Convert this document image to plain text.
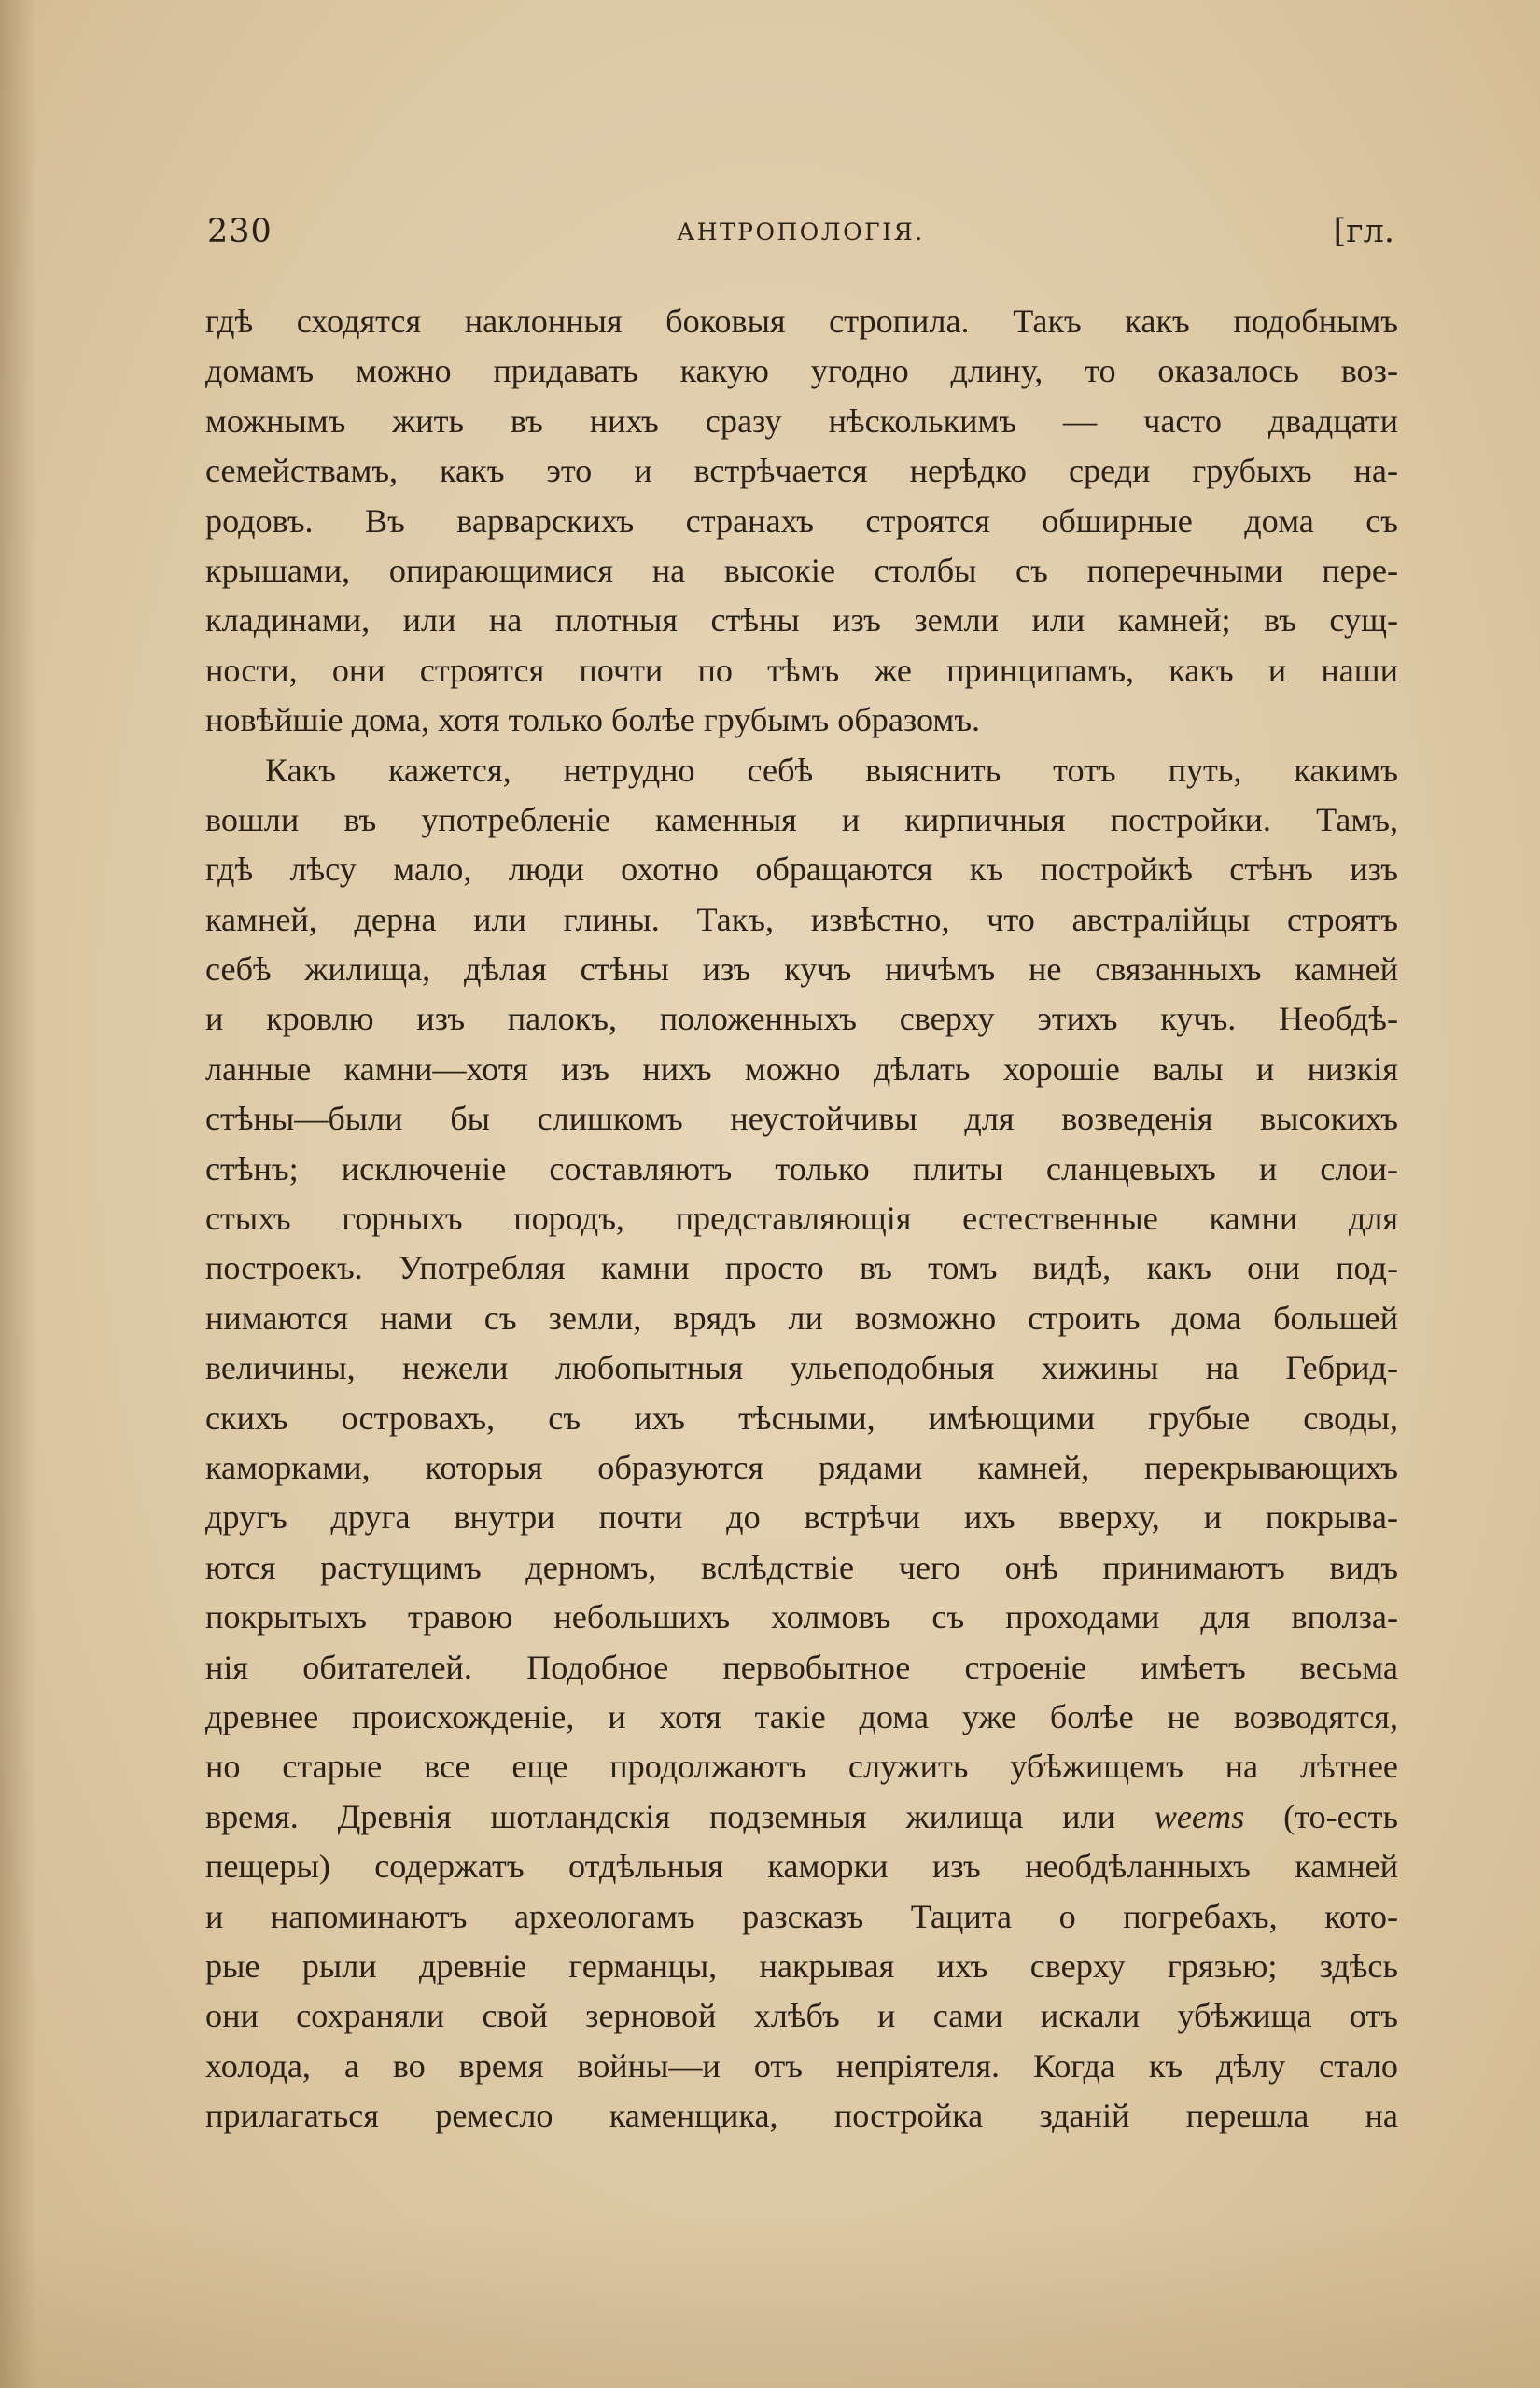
230	АНТРОПОЛОГІЯ.	[гл.
гдѣ сходятся наклонныя боковыя стропила. Такъ какъ подобнымъ
домамъ можно придавать какую угодно длину, то оказалось воз-
можнымъ жить въ нихъ сразу нѣсколькимъ — часто двадцати
семействамъ, какъ это и встрѣчается нерѣдко среди грубыхъ на-
родовъ. Въ варварскихъ странахъ строятся обширные дома съ
крышами, опирающимися на высокіе столбы съ поперечными пере-
кладинами, или на плотныя стѣны изъ земли или камней; въ сущ-
ности, они строятся почти по тѣмъ же принципамъ, какъ и наши
новѣйшіе дома, хотя только болѣе грубымъ образомъ.
Какъ кажется, нетрудно себѣ выяснить тотъ путь, какимъ
вошли въ употребленіе каменныя и кирпичныя постройки. Тамъ,
гдѣ лѣсу мало, люди охотно обращаются къ постройкѣ стѣнъ изъ
камней, дерна или глины. Такъ, извѣстно, что австралійцы строятъ
себѣ жилища, дѣлая стѣны изъ кучъ ничѣмъ не связанныхъ камней
и кровлю изъ палокъ, положенныхъ сверху этихъ кучъ. Необдѣ-
ланные камни—хотя изъ нихъ можно дѣлать хорошіе валы и низкія
стѣны—были бы слишкомъ неустойчивы для возведенія высокихъ
стѣнъ; исключеніе составляютъ только плиты сланцевыхъ и слои-
стыхъ горныхъ породъ, представляющія естественные камни для
построекъ. Употребляя камни просто въ томъ видѣ, какъ они под-
нимаются нами съ земли, врядъ ли возможно строить дома большей
величины, нежели любопытныя ульеподобныя хижины на Гебрид-
скихъ островахъ, съ ихъ тѣсными, имѣющими грубые своды,
каморками, которыя образуются рядами камней, перекрывающихъ
другъ друга внутри почти до встрѣчи ихъ вверху, и покрыва-
ются растущимъ дерномъ, вслѣдствіе чего онѣ принимаютъ видъ
покрытыхъ травою небольшихъ холмовъ съ проходами для вполза-
нія обитателей. Подобное первобытное строеніе имѣетъ весьма
древнее происхожденіе, и хотя такіе дома уже болѣе не возводятся,
но старые все еще продолжаютъ служить убѣжищемъ на лѣтнее
время. Древнія шотландскія подземныя жилища или weems (то-есть
пещеры) содержатъ отдѣльныя каморки изъ необдѣланныхъ камней
и напоминаютъ археологамъ разсказъ Тацита о погребахъ, кото-
рые рыли древніе германцы, накрывая ихъ сверху грязью; здѣсь
они сохраняли свой зерновой хлѣбъ и сами искали убѣжища отъ
холода, а во время войны—и отъ непріятеля. Когда къ дѣлу стало
прилагаться ремесло каменщика, постройка зданій перешла на
